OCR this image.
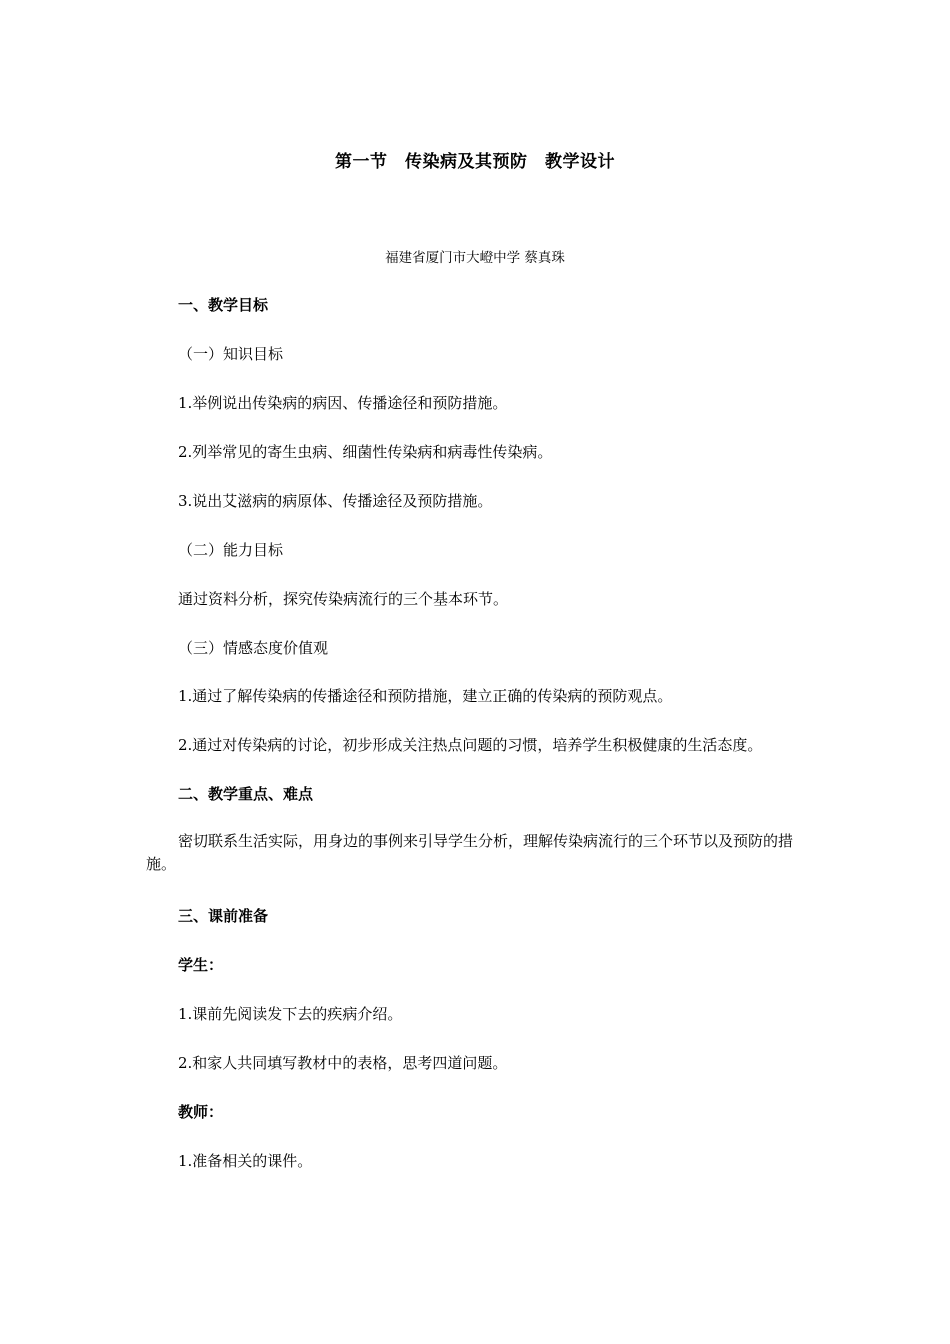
第一节　传染病及其预防　教学设计
福建省厦门市大嶝中学 蔡真珠
一、教学目标
（一）知识目标
1.举例说出传染病的病因、传播途径和预防措施。
2.列举常见的寄生虫病、细菌性传染病和病毒性传染病。
3.说出艾滋病的病原体、传播途径及预防措施。
（二）能力目标
通过资料分析，探究传染病流行的三个基本环节。
（三）情感态度价值观
1.通过了解传染病的传播途径和预防措施，建立正确的传染病的预防观点。
2.通过对传染病的讨论，初步形成关注热点问题的习惯，培养学生积极健康的生活态度。
二、教学重点、难点
密切联系生活实际，用身边的事例来引导学生分析，理解传染病流行的三个环节以及预防的措施。
三、课前准备
学生：
1.课前先阅读发下去的疾病介绍。
2.和家人共同填写教材中的表格，思考四道问题。
教师：
1.准备相关的课件。
